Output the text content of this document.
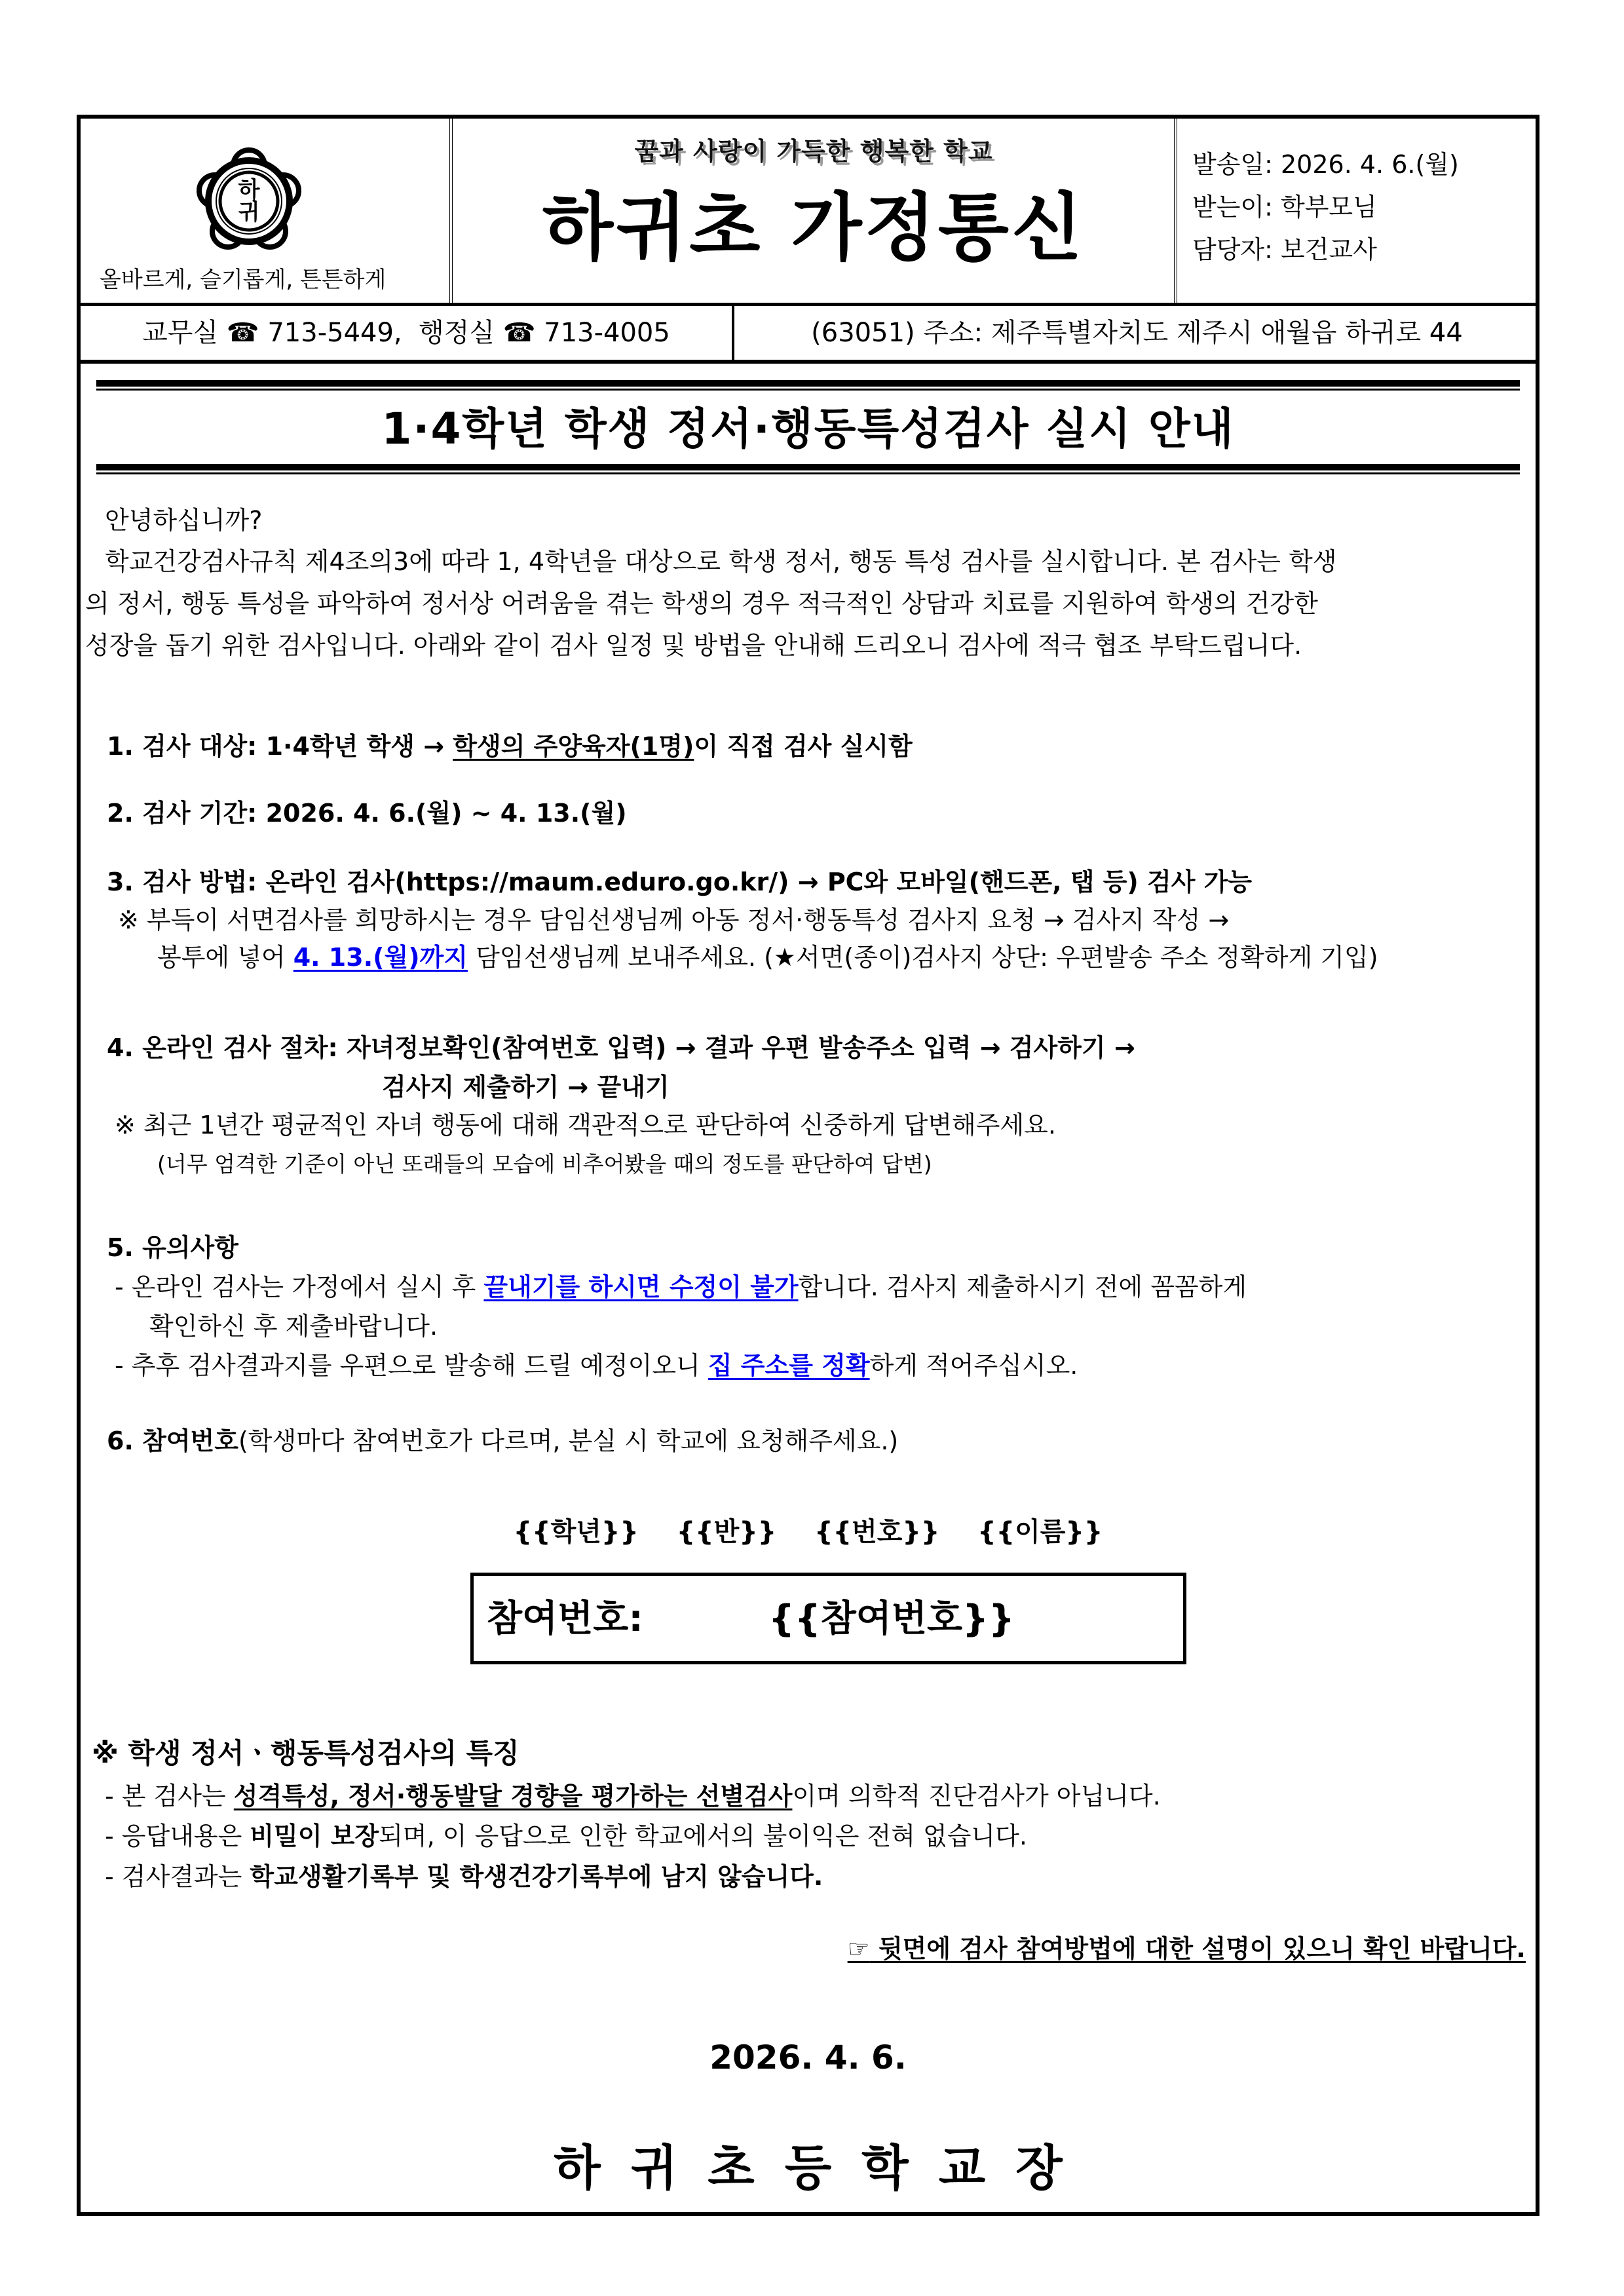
하귀
올바르게, 슬기롭게, 튼튼하게
꿈과 사랑이 가득한 행복한 학교
하귀초 가정통신
발송일: 2026. 4. 6.(월)
받는이: 학부모님
담당자: 보건교사
교무실 ☎ 713-5449,  행정실 ☎ 713-4005	(63051) 주소: 제주특별자치도 제주시 애월읍 하귀로 44
1·4학년 학생 정서·행동특성검사 실시 안내
안녕하십니까?
학교건강검사규칙 제4조의3에 따라 1, 4학년을 대상으로 학생 정서, 행동 특성 검사를 실시합니다. 본 검사는 학생
의 정서, 행동 특성을 파악하여 정서상 어려움을 겪는 학생의 경우 적극적인 상담과 치료를 지원하여 학생의 건강한
성장을 돕기 위한 검사입니다. 아래와 같이 검사 일정 및 방법을 안내해 드리오니 검사에 적극 협조 부탁드립니다.
1. 검사 대상: 1·4학년 학생 → 학생의 주양육자(1명)이 직접 검사 실시함
2. 검사 기간: 2026. 4. 6.(월) ~ 4. 13.(월)
3. 검사 방법: 온라인 검사(https://maum.eduro.go.kr/) → PC와 모바일(핸드폰, 탭 등) 검사 가능
※ 부득이 서면검사를 희망하시는 경우 담임선생님께 아동 정서·행동특성 검사지 요청 → 검사지 작성 →
봉투에 넣어 4. 13.(월)까지 담임선생님께 보내주세요. (★서면(종이)검사지 상단: 우편발송 주소 정확하게 기입)
4. 온라인 검사 절차: 자녀정보확인(참여번호 입력) → 결과 우편 발송주소 입력 → 검사하기 →
검사지 제출하기 → 끝내기
※ 최근 1년간 평균적인 자녀 행동에 대해 객관적으로 판단하여 신중하게 답변해주세요.
(너무 엄격한 기준이 아닌 또래들의 모습에 비추어봤을 때의 정도를 판단하여 답변)
5. 유의사항
- 온라인 검사는 가정에서 실시 후 끝내기를 하시면 수정이 불가합니다. 검사지 제출하시기 전에 꼼꼼하게
확인하신 후 제출바랍니다.
- 추후 검사결과지를 우편으로 발송해 드릴 예정이오니 집 주소를 정확하게 적어주십시오.
6. 참여번호(학생마다 참여번호가 다르며, 분실 시 학교에 요청해주세요.)
{{학년}} {{반}} {{번호}} {{이름}}
참여번호:	{{참여번호}}
※ 학생 정서ㆍ행동특성검사의 특징
- 본 검사는 성격특성, 정서·행동발달 경향을 평가하는 선별검사이며 의학적 진단검사가 아닙니다.
- 응답내용은 비밀이 보장되며, 이 응답으로 인한 학교에서의 불이익은 전혀 없습니다.
- 검사결과는 학교생활기록부 및 학생건강기록부에 남지 않습니다.
☞ 뒷면에 검사 참여방법에 대한 설명이 있으니 확인 바랍니다.
2026. 4. 6.
하귀초등학교장
